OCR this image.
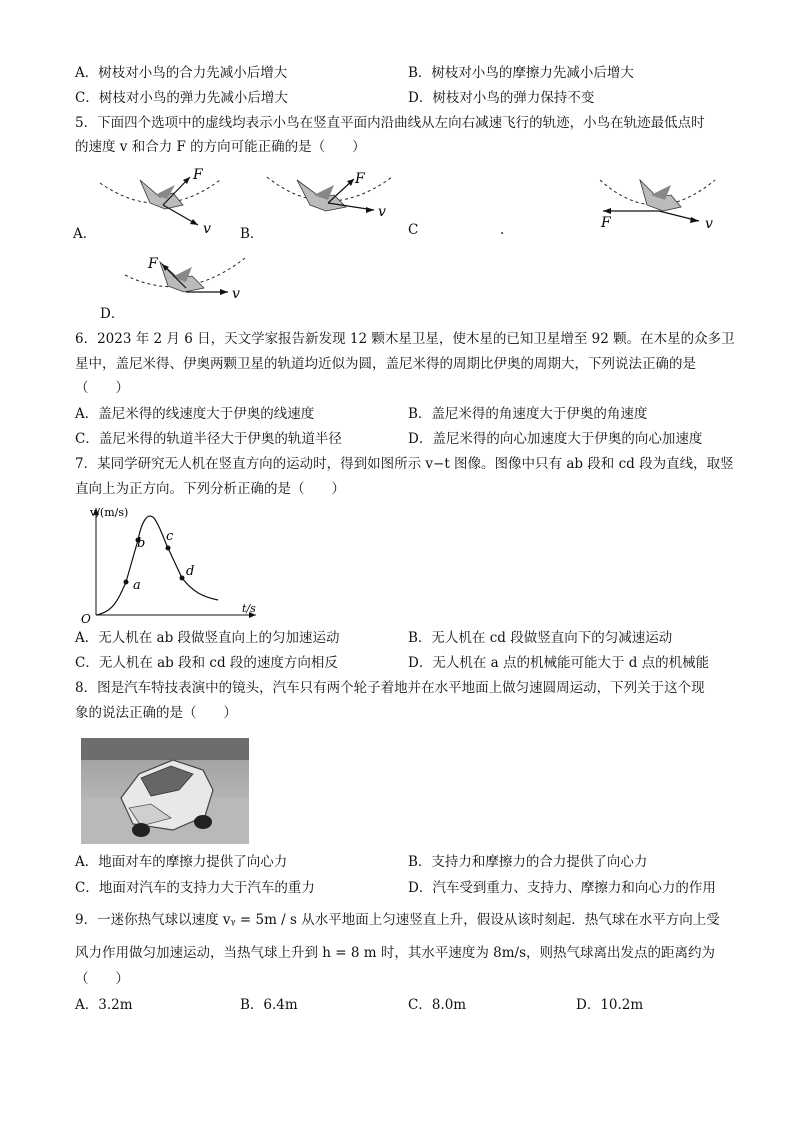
A．树枝对小鸟的合力先减小后增大	B．树枝对小鸟的摩擦力先减小后增大
C．树枝对小鸟的弹力先减小后增大	D．树枝对小鸟的弹力保持不变
5．下面四个选项中的虚线均表示小鸟在竖直平面内沿曲线从左向右减速飞行的轨迹，小鸟在轨迹最低点时
的速度 v 和合力 F 的方向可能正确的是（　　）
F
v
A．
F
v
B．	C	.	F	v
F
v
D．
6．2023 年 2 月 6 日，天文学家报告新发现 12 颗木星卫星，使木星的已知卫星增至 92 颗。在木星的众多卫
星中，盖尼米得、伊奥两颗卫星的轨道均近似为圆，盖尼米得的周期比伊奥的周期大，下列说法正确的是
（　　）
A．盖尼米得的线速度大于伊奥的线速度	B．盖尼米得的角速度大于伊奥的角速度
C．盖尼米得的轨道半径大于伊奥的轨道半径	D．盖尼米得的向心加速度大于伊奥的向心加速度
7．某同学研究无人机在竖直方向的运动时，得到如图所示 v−t 图像。图像中只有 ab 段和 cd 段为直线，取竖
直向上为正方向。下列分析正确的是（　　）
a
b c
d
v/(m/s)
t/s
O
A．无人机在 ab 段做竖直向上的匀加速运动	B．无人机在 cd 段做竖直向下的匀减速运动
C．无人机在 ab 段和 cd 段的速度方向相反	D．无人机在 a 点的机械能可能大于 d 点的机械能
8．图是汽车特技表演中的镜头，汽车只有两个轮子着地并在水平地面上做匀速圆周运动，下列关于这个现
象的说法正确的是（　　）
A．地面对车的摩擦力提供了向心力	B．支持力和摩擦力的合力提供了向心力
C．地面对汽车的支持力大于汽车的重力	D．汽车受到重力、支持力、摩擦力和向心力的作用
9．一迷你热气球以速度 vᵧ = 5m / s 从水平地面上匀速竖直上升，假设从该时刻起．热气球在水平方向上受
风力作用做匀加速运动，当热气球上升到 h = 8 m 时，其水平速度为 8m/s，则热气球离出发点的距离约为
（　　）
A．3.2m	B．6.4m	C．8.0m	D．10.2m
